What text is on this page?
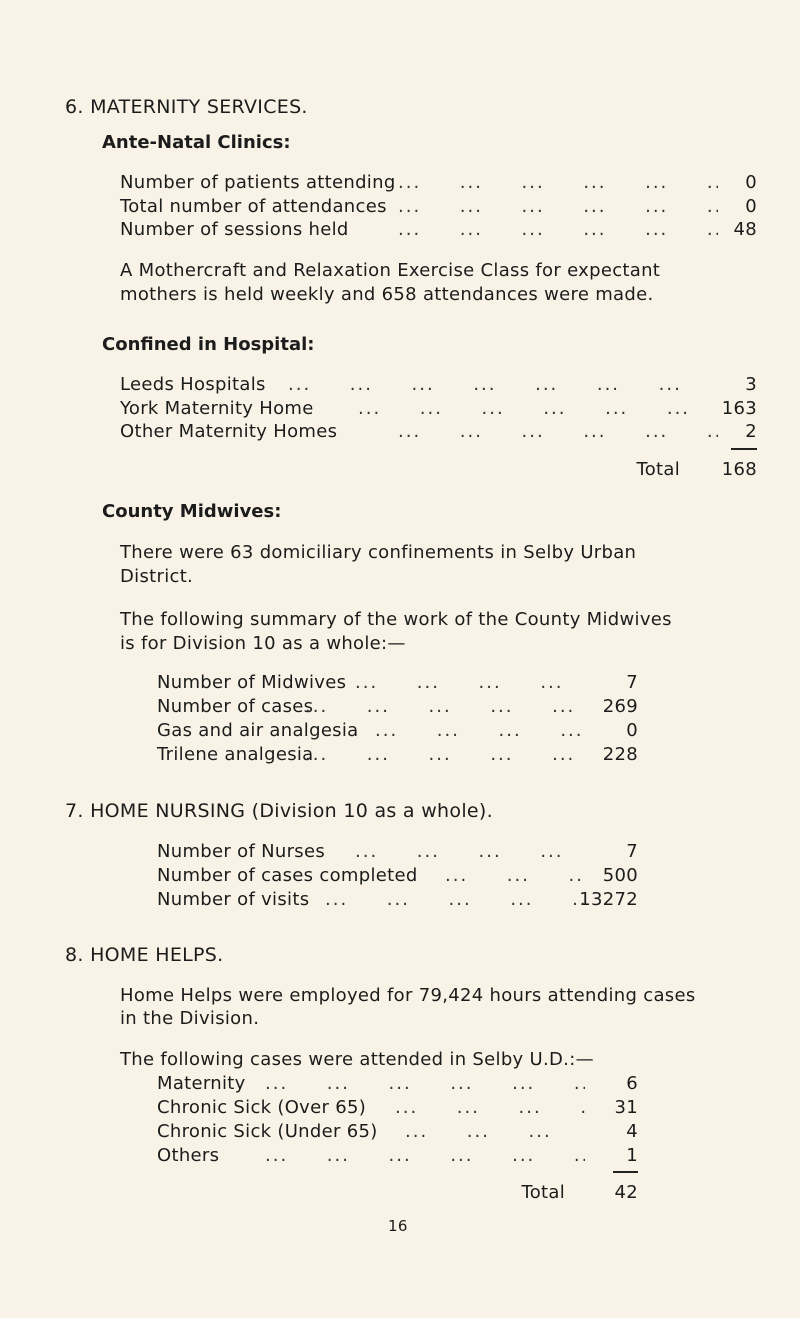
6. MATERNITY SERVICES.
Ante-Natal Clinics:
Number of patients attending ...	0
Total number of attendances ...	0
Number of sessions held ...	48
A Mothercraft and Relaxation Exercise Class for expectant
mothers is held weekly and 658 attendances were made.
Confined in Hospital:
Leeds Hospitals ...	3
York Maternity Home ...	163
Other Maternity Homes ...	2
Total 168
County Midwives:
There were 63 domiciliary confinements in Selby Urban
District.
The following summary of the work of the County Midwives
is for Division 10 as a whole:—
Number of Midwives ...	7
Number of cases ...	269
Gas and air analgesia ...	0
Trilene analgesia ...	228
7. HOME NURSING (Division 10 as a whole).
Number of Nurses ...	7
Number of cases completed ...	500
Number of visits ...	13272
8. HOME HELPS.
Home Helps were employed for 79,424 hours attending cases
in the Division.
The following cases were attended in Selby U.D.:—
Maternity ...	6
Chronic Sick (Over 65) ...	31
Chronic Sick (Under 65) ...	4
Others ...	1
Total	42
16
